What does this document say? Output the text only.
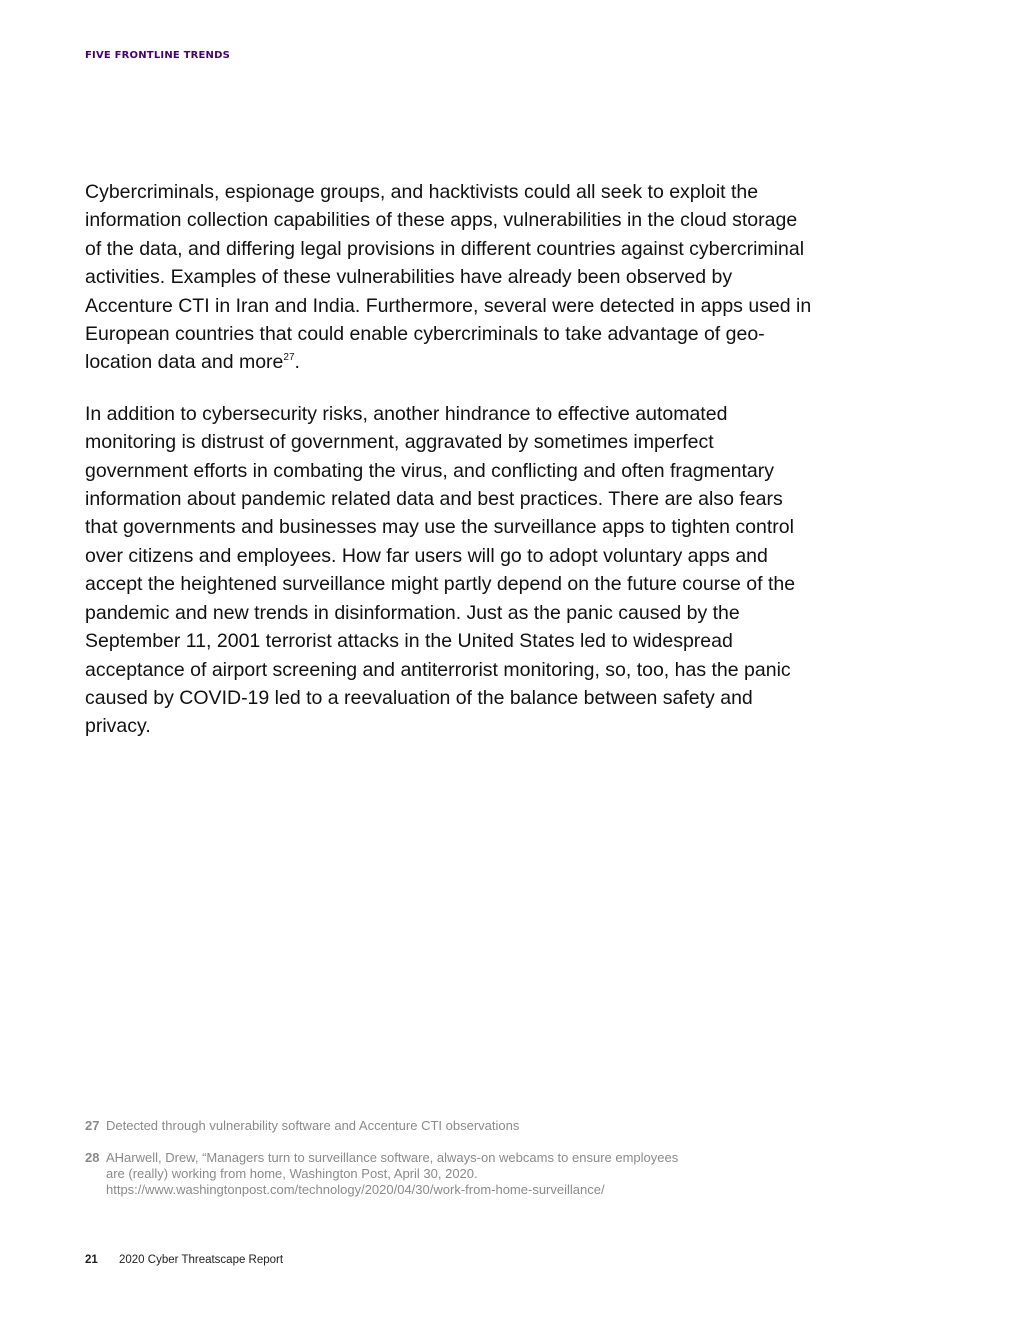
FIVE FRONTLINE TRENDS

Cybercriminals, espionage groups, and hacktivists could all seek to exploit the information collection capabilities of these apps, vulnerabilities in the cloud storage of the data, and differing legal provisions in different countries against cybercriminal activities. Examples of these vulnerabilities have already been observed by Accenture CTI in Iran and India. Furthermore, several were detected in apps used in European countries that could enable cybercriminals to take advantage of geo-location data and more$^{27}$.

In addition to cybersecurity risks, another hindrance to effective automated monitoring is distrust of government, aggravated by sometimes imperfect government efforts in combating the virus, and conflicting and often fragmentary information about pandemic related data and best practices. There are also fears that governments and businesses may use the surveillance apps to tighten control over citizens and employees. How far users will go to adopt voluntary apps and accept the heightened surveillance might partly depend on the future course of the pandemic and new trends in disinformation. Just as the panic caused by the September 11, 2001 terrorist attacks in the United States led to widespread acceptance of airport screening and antiterrorist monitoring, so, too, has the panic caused by COVID-19 led to a reevaluation of the balance between safety and privacy.

27 Detected through vulnerability software and Accenture CTI observations
28 AHarwell, Drew, “Managers turn to surveillance software, always-on webcams to ensure employees are (really) working from home, Washington Post, April 30, 2020. https://www.washingtonpost.com/technology/2020/04/30/work-from-home-surveillance/
21 2020 Cyber Threatscape Report
